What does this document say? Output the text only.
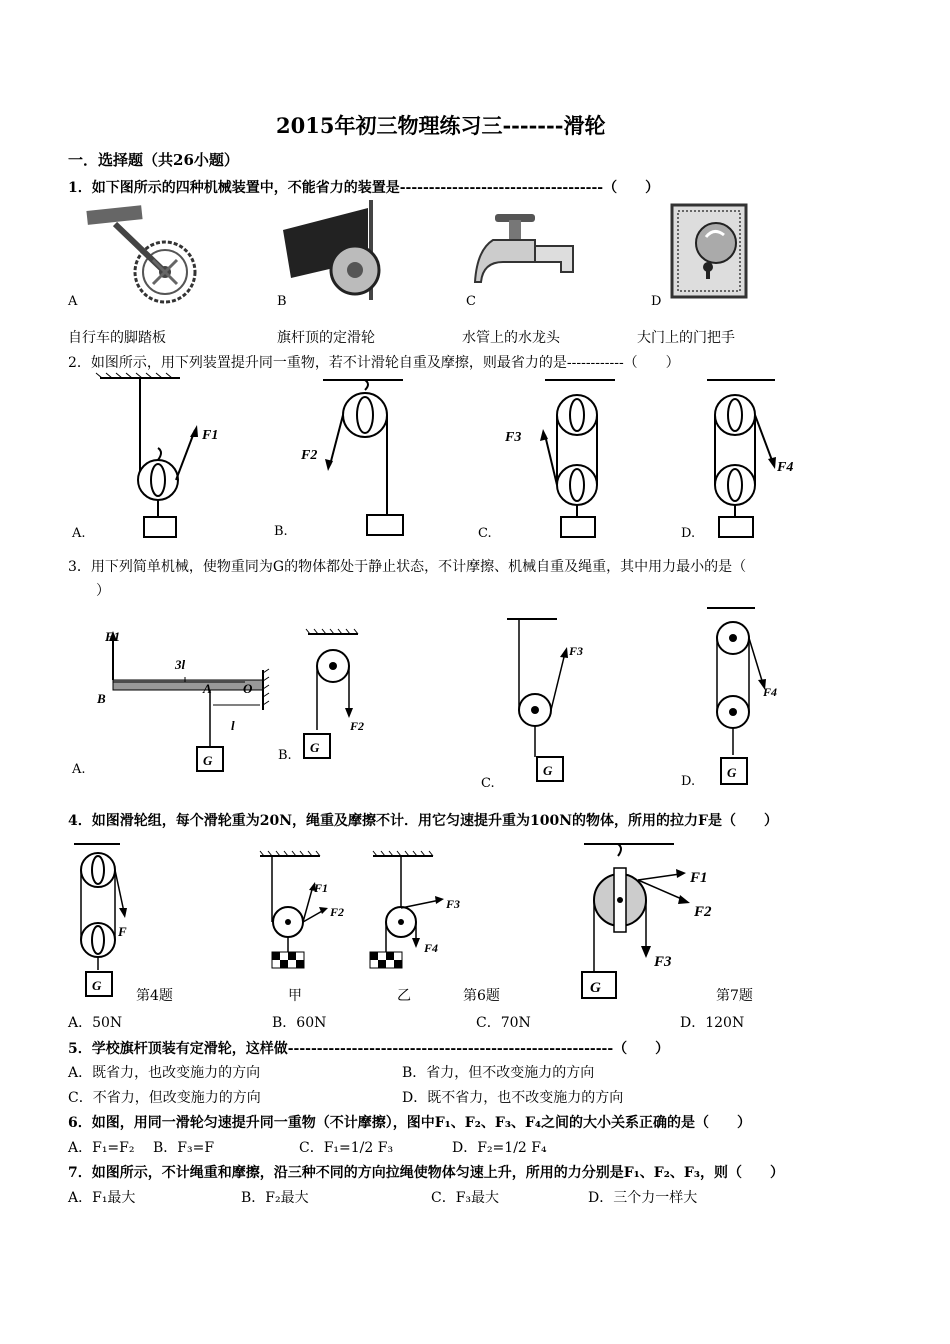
2015年初三物理练习三-------滑轮
一．选择题（共26小题）
1．如下图所示的四种机械装置中，不能省力的装置是-----------------------------------（　　）
A	B	C	D
自行车的脚踏板	旗杆顶的定滑轮	水管上的水龙头	大门上的门把手
2．如图所示，用下列装置提升同一重物，若不计滑轮自重及摩擦，则最省力的是------------（　　）
F1
F2
F3
F4
A.	B.	C.	D.
3．用下列简单机械，使物重同为G的物体都处于静止状态，不计摩擦、机械自重及绳重，其中用力最小的是（
　　）
F1
3l
B
A O
l
G
F2
G
F3
G
F4
G
A.
B.
C.	D.
4．如图滑轮组，每个滑轮重为20N，绳重及摩擦不计．用它匀速提升重为100N的物体，所用的拉力F是（　　）
F
G
第4题
F1
F2
F3
F4
甲	乙	第6题
F1
F2
F3
G	第7题
A．50N	B．60N	C．70N	D．120N
5．学校旗杆顶装有定滑轮，这样做--------------------------------------------------------（　　）
A．既省力，也改变施力的方向	B．省力，但不改变施力的方向
C．不省力，但改变施力的方向	D．既不省力，也不改变施力的方向
6．如图，用同一滑轮匀速提升同一重物（不计摩擦），图中F₁、F₂、F₃、F₄之间的大小关系正确的是（　　）
A．F₁=F₂ B．F₃=F	C．F₁=1/2 F₃	D．F₂=1/2 F₄
7．如图所示，不计绳重和摩擦，沿三种不同的方向拉绳使物体匀速上升，所用的力分别是F₁、F₂、F₃，则（　　）
A．F₁最大	B．F₂最大	C．F₃最大	D．三个力一样大
